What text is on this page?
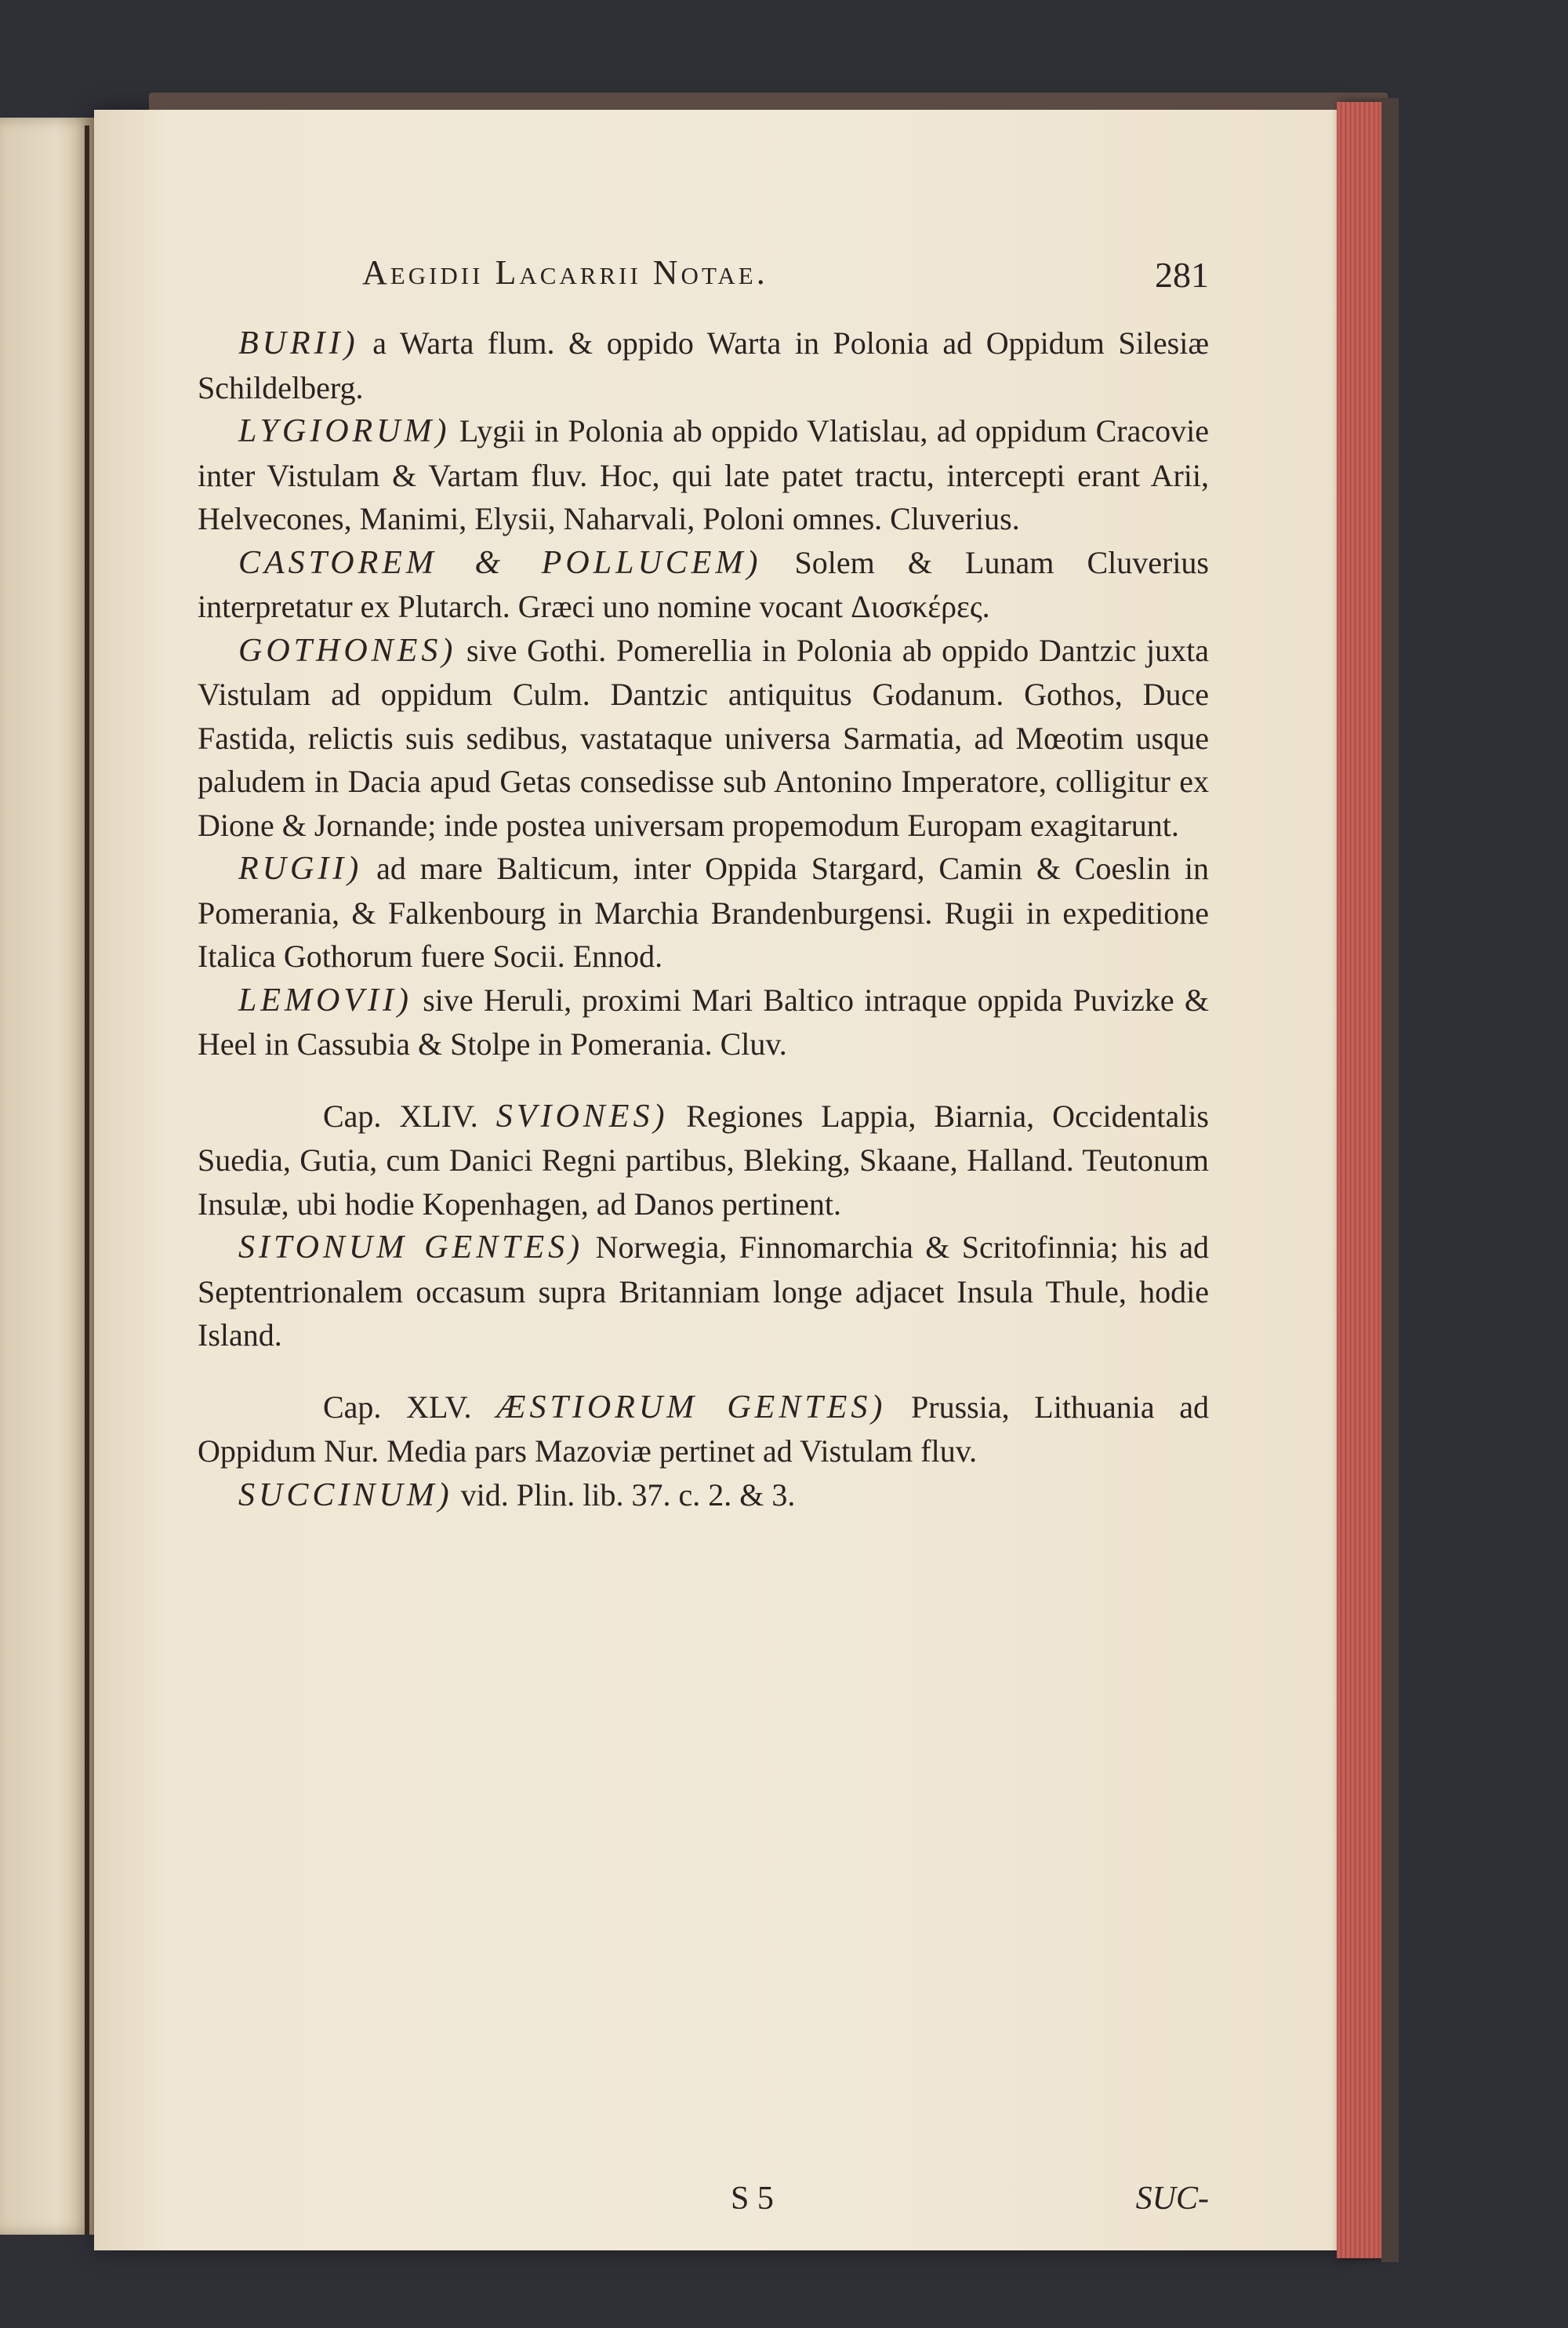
Aegidii Lacarrii Notae.	281

BURII) a Warta flum. & oppido Warta in Polonia ad Oppidum Silesiæ Schildelberg.

LYGIORUM) Lygii in Polonia ab oppido Vlatislau, ad oppidum Cracovie inter Vistulam & Vartam fluv. Hoc, qui late patet tractu, intercepti erant Arii, Helvecones, Manimi, Elysii, Naharvali, Poloni omnes. Cluverius.

CASTOREM & POLLUCEM) Solem & Lunam Cluverius interpretatur ex Plutarch. Græci uno nomine vocant Διοσκέρες.

GOTHONES) sive Gothi. Pomerellia in Polonia ab oppido Dantzic juxta Vistulam ad oppidum Culm. Dantzic antiquitus Godanum. Gothos, Duce Fastida, relictis suis sedibus, vastataque universa Sarmatia, ad Mœotim usque paludem in Dacia apud Getas consedisse sub Antonino Imperatore, colligitur ex Dione & Jornande; inde postea universam propemodum Europam exagitarunt.

RUGII) ad mare Balticum, inter Oppida Stargard, Camin & Coeslin in Pomerania, & Falkenbourg in Marchia Brandenburgensi. Rugii in expeditione Italica Gothorum fuere Socii. Ennod.

LEMOVII) sive Heruli, proximi Mari Baltico intraque oppida Puvizke & Heel in Cassubia & Stolpe in Pomerania. Cluv.

Cap. XLIV. SVIONES) Regiones Lappia, Biarnia, Occidentalis Suedia, Gutia, cum Danici Regni partibus, Bleking, Skaane, Halland. Teutonum Insulæ, ubi hodie Kopenhagen, ad Danos pertinent.

SITONUM GENTES) Norwegia, Finnomarchia & Scritofinnia; his ad Septentrionalem occasum supra Britanniam longe adjacet Insula Thule, hodie Island.

Cap. XLV. ÆSTIORUM GENTES) Prussia, Lithuania ad Oppidum Nur. Media pars Mazoviæ pertinet ad Vistulam fluv.

SUCCINUM) vid. Plin. lib. 37. c. 2. & 3.

S 5	SUC-
